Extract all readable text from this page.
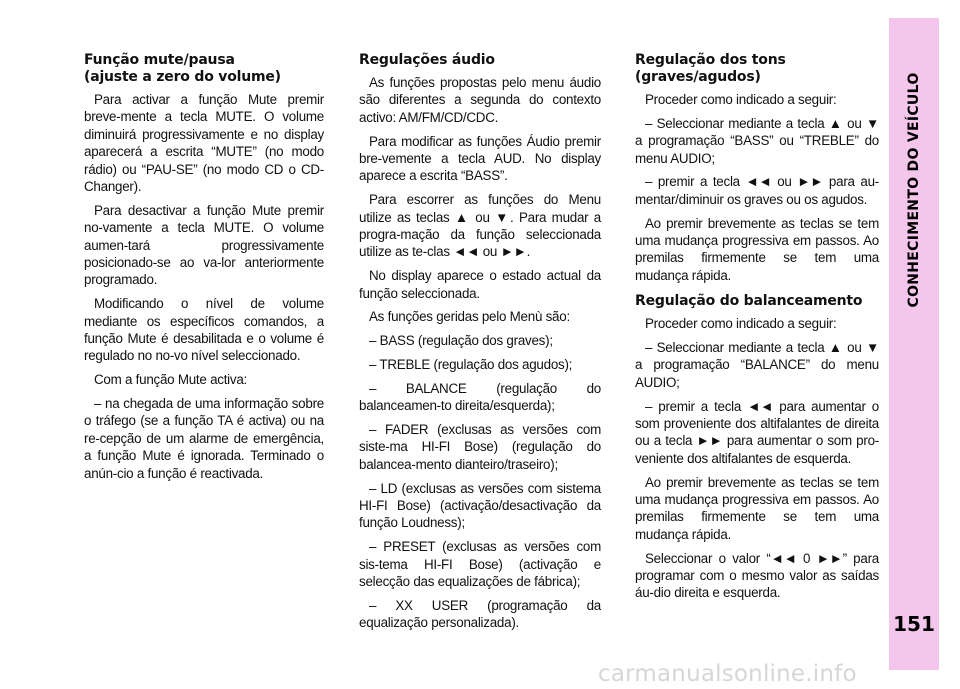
CONHECIMENTO DO VEÍCULO
151
Função mute/pausa
(ajuste a zero do volume)

Para activar a função Mute premir breve-mente a tecla MUTE. O volume diminuirá progressivamente e no display aparecerá a escrita “MUTE” (no modo rádio) ou “PAU-SE” (no modo CD o CD-Changer).

Para desactivar a função Mute premir no-vamente a tecla MUTE. O volume aumen-tará progressivamente posicionado-se ao va-lor anteriormente programado.

Modificando o nível de volume mediante os específicos comandos, a função Mute é desabilitada e o volume é regulado no no-vo nível seleccionado.

Com a função Mute activa:

– na chegada de uma informação sobre o tráfego (se a função TA é activa) ou na re-cepção de um alarme de emergência, a função Mute é ignorada. Terminado o anún-cio a função é reactivada.

Regulações áudio

As funções propostas pelo menu áudio são diferentes a segunda do contexto activo: AM/FM/CD/CDC.

Para modificar as funções Áudio premir bre-vemente a tecla AUD. No display aparece a escrita “BASS”.

Para escorrer as funções do Menu utilize as teclas ▲ ou ▼. Para mudar a progra-mação da função seleccionada utilize as te-clas ◄◄ ou ►►.

No display aparece o estado actual da função seleccionada.

As funções geridas pelo Menù são:

– BASS (regulação dos graves);

– TREBLE (regulação dos agudos);

– BALANCE (regulação do balanceamen-to direita/esquerda);

– FADER (exclusas as versões com siste-ma HI-FI Bose) (regulação do balancea-mento dianteiro/traseiro);

– LD (exclusas as versões com sistema HI-FI Bose) (activação/desactivação da função Loudness);

– PRESET (exclusas as versões com sis-tema HI-FI Bose) (activação e selecção das equalizações de fábrica);

– XX USER (programação da equalização personalizada).

Regulação dos tons
(graves/agudos)

Proceder como indicado a seguir:

– Seleccionar mediante a tecla ▲ ou ▼ a programação “BASS” ou “TREBLE” do menu AUDIO;

– premir a tecla ◄◄ ou ►► para au-mentar/diminuir os graves ou os agudos.

Ao premir brevemente as teclas se tem uma mudança progressiva em passos. Ao premilas firmemente se tem uma mudança rápida.

Regulação do balanceamento

Proceder como indicado a seguir:

– Seleccionar mediante a tecla ▲ ou ▼ a programação “BALANCE” do menu AUDIO;

– premir a tecla ◄◄ para aumentar o som proveniente dos altifalantes de direita ou a tecla ►► para aumentar o som pro-veniente dos altifalantes de esquerda.

Ao premir brevemente as teclas se tem uma mudança progressiva em passos. Ao premilas firmemente se tem uma mudança rápida.

Seleccionar o valor “◄◄ 0 ►►” para programar com o mesmo valor as saídas áu-dio direita e esquerda.

carmanualsonline.info
